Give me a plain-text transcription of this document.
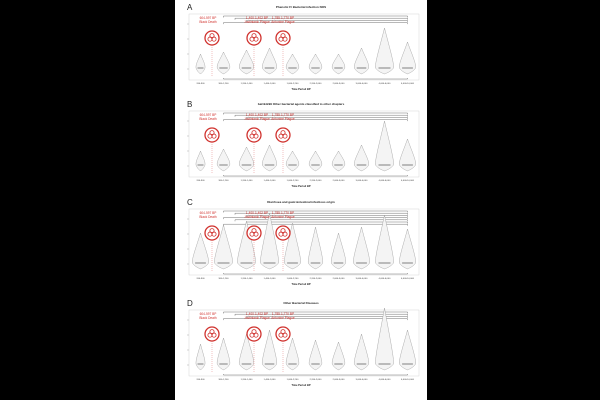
A	Phenolic F/ Bacterial infection NOS
200-900	900-1,200	1,200-1,400	1,400-1,600	1,600-2,200	2,200-2,600	2,600-3,000	3,000-4,000	4,000-6,000	6,000-10,000
Time Period BP
604-597 BP
Black Death
1,400-1,402 BP
Justinianic Plague
1,785-1,770 BP
Antonine Plague
B	bai19-B99 Other bacterial agents classified to other chapters
200-900	900-1,200	1,200-1,400	1,400-1,600	1,600-2,200	2,200-2,600	2,600-3,000	3,000-4,000	4,000-6,000	6,000-10,000
Time Period BP
604-597 BP
Black Death
1,400-1,402 BP
Justinianic Plague
1,785-1,770 BP
Antonine Plague
C	Diarrhoea and gastrointestinal infectious origin
200-900	900-1,200	1,200-1,400	1,400-1,600	1,600-2,200	2,200-2,600	2,600-3,000	3,000-4,000	4,000-6,000	6,000-10,000
Time Period BP
604-597 BP
Black Death
1,400-1,402 BP
Justinianic Plague
1,785-1,770 BP
Antonine Plague
D	Other Bacterial Diseases
200-900	900-1,200	1,200-1,400	1,400-1,600	1,600-2,200	2,200-2,600	2,600-3,000	3,000-4,000	4,000-6,000	6,000-10,000
Time Period BP
604-597 BP
Black Death
1,400-1,402 BP
Justinianic Plague
1,785-1,770 BP
Antonine Plague
